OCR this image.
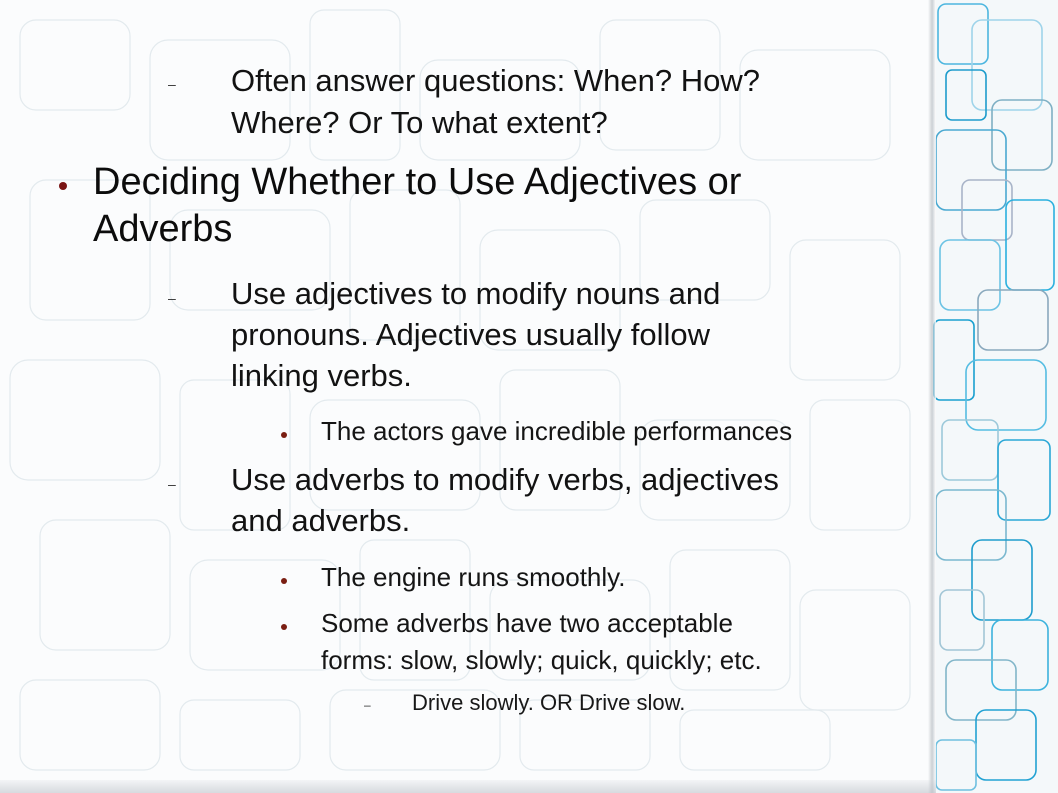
– Often answer questions: When? How?
Where? Or To what extent?
Deciding Whether to Use Adjectives or
Adverbs
– Use adjectives to modify nouns and
pronouns. Adjectives usually follow
linking verbs.
The actors gave incredible performances
– Use adverbs to modify verbs, adjectives
and adverbs.
The engine runs smoothly.
Some adverbs have two acceptable
forms: slow, slowly; quick, quickly; etc.
– Drive slowly. OR Drive slow.
